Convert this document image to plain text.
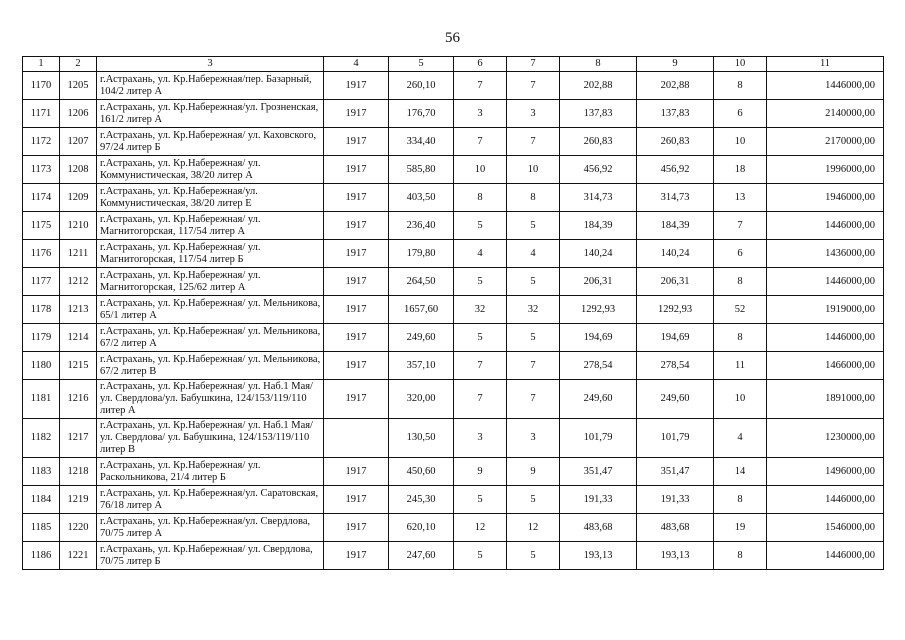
56
1	2	3	4	5	6	7	8	9	10	11
1170	1205	г.Астрахань, ул. Кр.Набережная/пер. Базарный, 104/2 литер А	1917	260,10	7	7	202,88	202,88	8	1446000,00
1171	1206	г.Астрахань, ул. Кр.Набережная/ул. Грозненская, 161/2 литер А	1917	176,70	3	3	137,83	137,83	6	2140000,00
1172	1207	г.Астрахань, ул. Кр.Набережная/ ул. Каховского, 97/24 литер Б	1917	334,40	7	7	260,83	260,83	10	2170000,00
1173	1208	г.Астрахань, ул. Кр.Набережная/ ул. Коммунистическая, 38/20 литер А	1917	585,80	10	10	456,92	456,92	18	1996000,00
1174	1209	г.Астрахань, ул. Кр.Набережная/ул. Коммунистическая, 38/20 литер Е	1917	403,50	8	8	314,73	314,73	13	1946000,00
1175	1210	г.Астрахань, ул. Кр.Набережная/ ул. Магнитогорская, 117/54 литер А	1917	236,40	5	5	184,39	184,39	7	1446000,00
1176	1211	г.Астрахань, ул. Кр.Набережная/ ул. Магнитогорская, 117/54 литер Б	1917	179,80	4	4	140,24	140,24	6	1436000,00
1177	1212	г.Астрахань, ул. Кр.Набережная/ ул. Магнитогорская, 125/62 литер А	1917	264,50	5	5	206,31	206,31	8	1446000,00
1178	1213	г.Астрахань, ул. Кр.Набережная/ ул. Мельникова, 65/1 литер А	1917	1657,60	32	32	1292,93	1292,93	52	1919000,00
1179	1214	г.Астрахань, ул. Кр.Набережная/ ул. Мельникова, 67/2 литер А	1917	249,60	5	5	194,69	194,69	8	1446000,00
1180	1215	г.Астрахань, ул. Кр.Набережная/ ул. Мельникова, 67/2 литер В	1917	357,10	7	7	278,54	278,54	11	1466000,00
1181	1216	г.Астрахань, ул. Кр.Набережная/ ул. Наб.1 Мая/ ул. Свердлова/ул. Бабушкина, 124/153/119/110 литер А	1917	320,00	7	7	249,60	249,60	10	1891000,00
1182	1217	г.Астрахань, ул. Кр.Набережная/ ул. Наб.1 Мая/ ул. Свердлова/ ул. Бабушкина, 124/153/119/110 литер В		130,50	3	3	101,79	101,79	4	1230000,00
1183	1218	г.Астрахань, ул. Кр.Набережная/ ул. Раскольникова, 21/4 литер Б	1917	450,60	9	9	351,47	351,47	14	1496000,00
1184	1219	г.Астрахань, ул. Кр.Набережная/ул. Саратовская, 76/18 литер А	1917	245,30	5	5	191,33	191,33	8	1446000,00
1185	1220	г.Астрахань, ул. Кр.Набережная/ул. Свердлова, 70/75 литер А	1917	620,10	12	12	483,68	483,68	19	1546000,00
1186	1221	г.Астрахань, ул. Кр.Набережная/ ул. Свердлова, 70/75 литер Б	1917	247,60	5	5	193,13	193,13	8	1446000,00
